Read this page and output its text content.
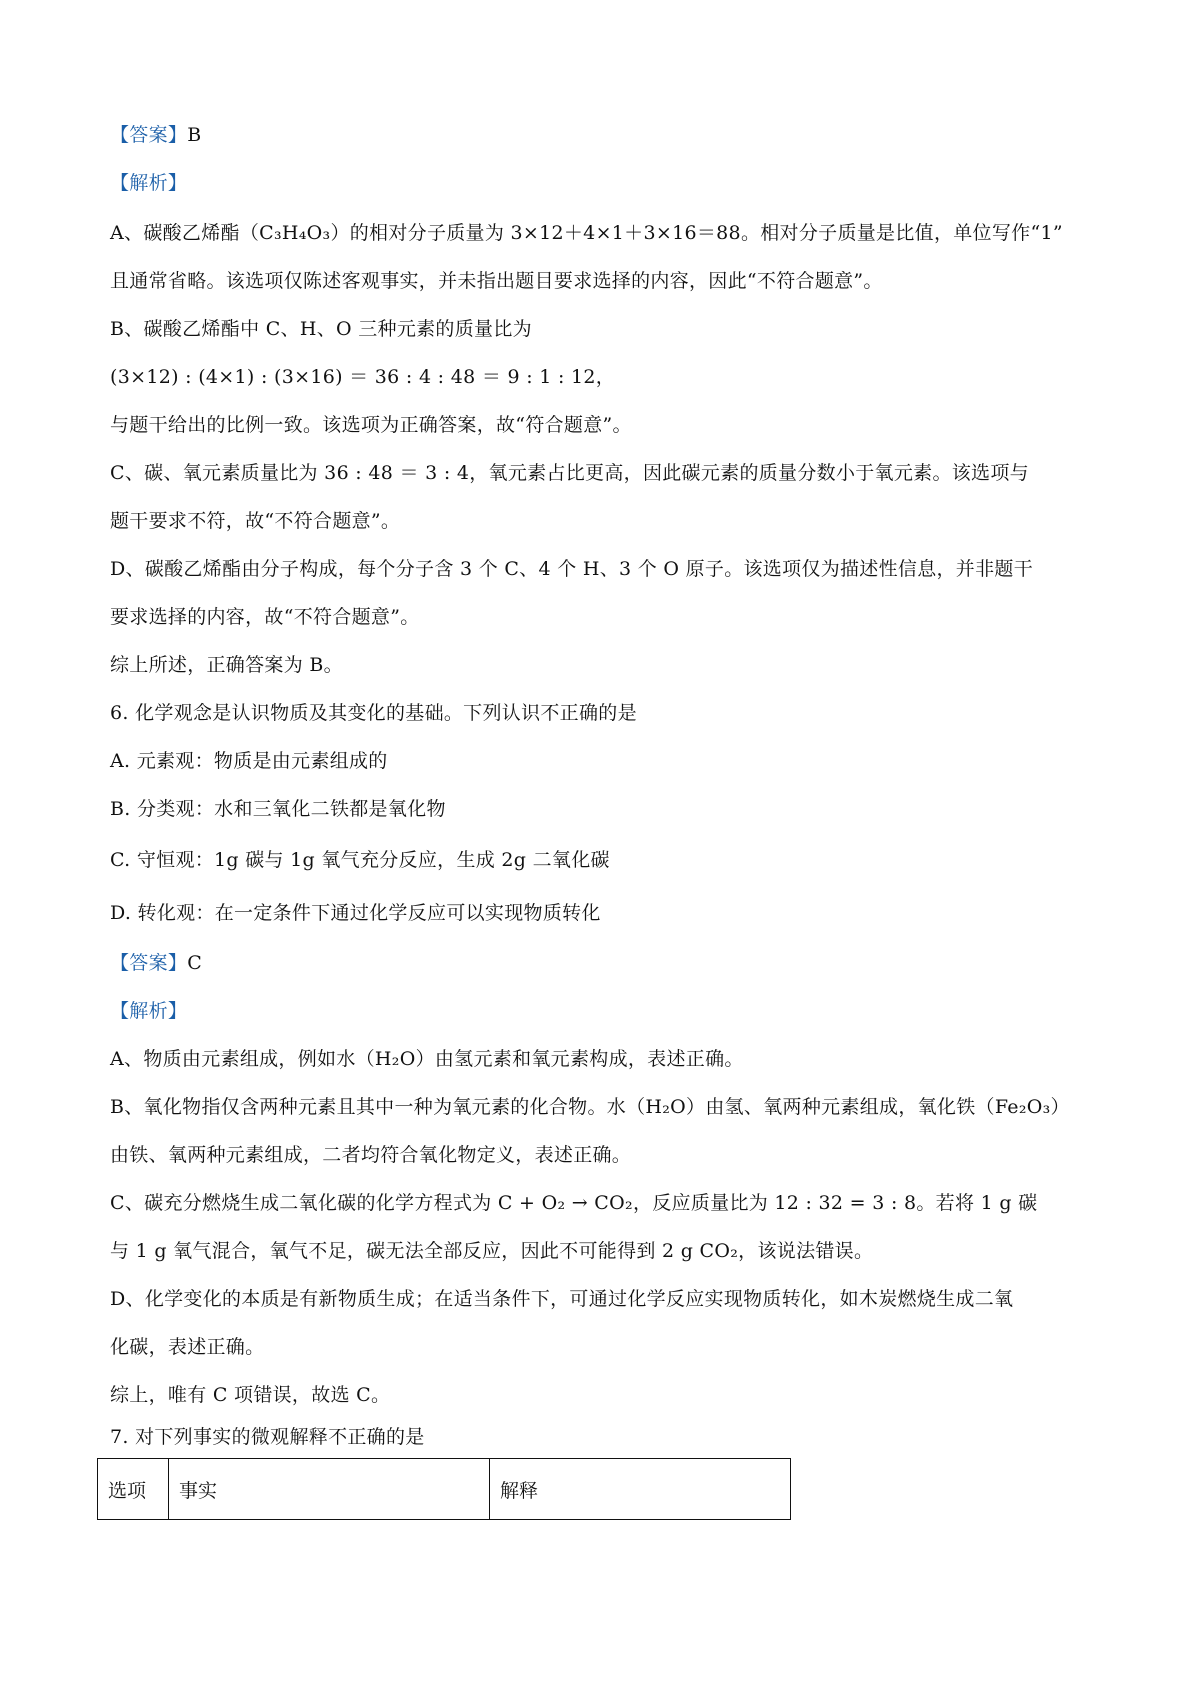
【答案】B
【解析】
A、碳酸乙烯酯（C₃H₄O₃）的相对分子质量为 3×12＋4×1＋3×16＝88。相对分子质量是比值，单位写作“1”
且通常省略。该选项仅陈述客观事实，并未指出题目要求选择的内容，因此“不符合题意”。
B、碳酸乙烯酯中 C、H、O 三种元素的质量比为
(3×12) : (4×1) : (3×16) ＝ 36 : 4 : 48 ＝ 9 : 1 : 12，
与题干给出的比例一致。该选项为正确答案，故“符合题意”。
C、碳、氧元素质量比为 36 : 48 ＝ 3 : 4，氧元素占比更高，因此碳元素的质量分数小于氧元素。该选项与
题干要求不符，故“不符合题意”。
D、碳酸乙烯酯由分子构成，每个分子含 3 个 C、4 个 H、3 个 O 原子。该选项仅为描述性信息，并非题干
要求选择的内容，故“不符合题意”。
综上所述，正确答案为 B。
6. 化学观念是认识物质及其变化的基础。下列认识不正确的是
A. 元素观：物质是由元素组成的
B. 分类观：水和三氧化二铁都是氧化物
C. 守恒观：1g 碳与 1g 氧气充分反应，生成 2g 二氧化碳
D. 转化观：在一定条件下通过化学反应可以实现物质转化
【答案】C
【解析】
A、物质由元素组成，例如水（H₂O）由氢元素和氧元素构成，表述正确。
B、氧化物指仅含两种元素且其中一种为氧元素的化合物。水（H₂O）由氢、氧两种元素组成，氧化铁（Fe₂O₃）
由铁、氧两种元素组成，二者均符合氧化物定义，表述正确。
C、碳充分燃烧生成二氧化碳的化学方程式为 C + O₂ → CO₂，反应质量比为 12 : 32 = 3 : 8。若将 1 g 碳
与 1 g 氧气混合，氧气不足，碳无法全部反应，因此不可能得到 2 g CO₂，该说法错误。
D、化学变化的本质是有新物质生成；在适当条件下，可通过化学反应实现物质转化，如木炭燃烧生成二氧
化碳，表述正确。
综上，唯有 C 项错误，故选 C。
7. 对下列事实的微观解释不正确的是
选项	事实	解释
